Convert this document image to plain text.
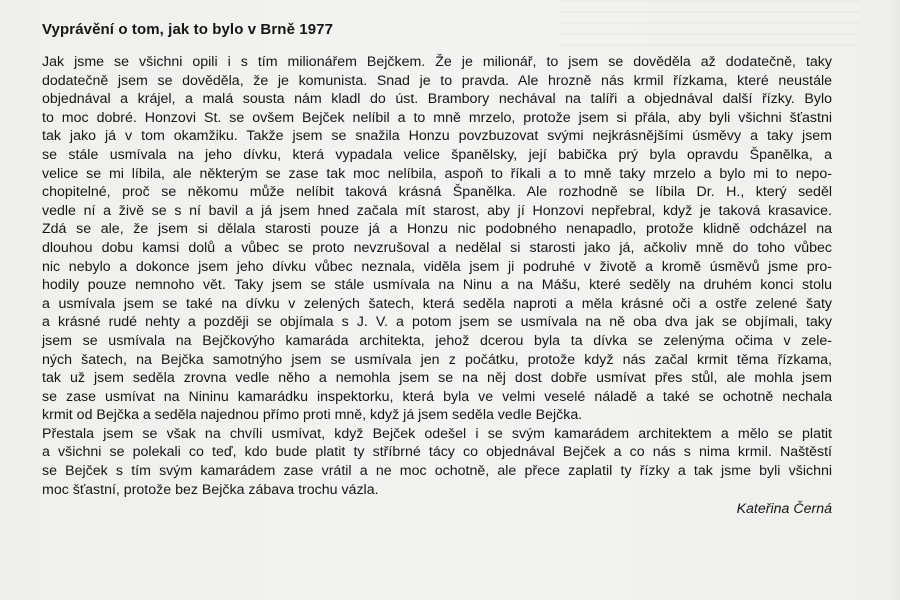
Vyprávění o tom, jak to bylo v Brně 1977
Jak jsme se všichni opili i s tím milionářem Bejčkem. Že je milionář, to jsem se dověděla až dodatečně, taky
dodatečně jsem se dověděla, že je komunista. Snad je to pravda. Ale hrozně nás krmil řízkama, které neustále
objednával a krájel, a malá sousta nám kladl do úst. Brambory nechával na talíři a objednával další řízky. Bylo
to moc dobré. Honzovi St. se ovšem Bejček nelíbil a to mně mrzelo, protože jsem si přála, aby byli všichni šťastni
tak jako já v tom okamžiku. Takže jsem se snažila Honzu povzbuzovat svými nejkrásnějšími úsměvy a taky jsem
se stále usmívala na jeho dívku, která vypadala velice španělsky, její babička prý byla opravdu Španělka, a
velice se mi líbila, ale některým se zase tak moc nelíbila, aspoň to říkali a to mně taky mrzelo a bylo mi to nepo-
chopitelné, proč se někomu může nelíbit taková krásná Španělka. Ale rozhodně se líbila Dr. H., který seděl
vedle ní a živě se s ní bavil a já jsem hned začala mít starost, aby jí Honzovi nepřebral, když je taková krasavice.
Zdá se ale, že jsem si dělala starosti pouze já a Honzu nic podobného nenapadlo, protože klidně odcházel na
dlouhou dobu kamsi dolů a vůbec se proto nevzrušoval a nedělal si starosti jako já, ačkoliv mně do toho vůbec
nic nebylo a dokonce jsem jeho dívku vůbec neznala, viděla jsem ji podruhé v životě a kromě úsměvů jsme pro-
hodily pouze nemnoho vět. Taky jsem se stále usmívala na Ninu a na Mášu, které seděly na druhém konci stolu
a usmívala jsem se také na dívku v zelených šatech, která seděla naproti a měla krásné oči a ostře zelené šaty
a krásné rudé nehty a později se objímala s J. V. a potom jsem se usmívala na ně oba dva jak se objímali, taky
jsem se usmívala na Bejčkovýho kamaráda architekta, jehož dcerou byla ta dívka se zelenýma očima v zele-
ných šatech, na Bejčka samotnýho jsem se usmívala jen z počátku, protože když nás začal krmit těma řízkama,
tak už jsem seděla zrovna vedle něho a nemohla jsem se na něj dost dobře usmívat přes stůl, ale mohla jsem
se zase usmívat na Nininu kamarádku inspektorku, která byla ve velmi veselé náladě a také se ochotně nechala
krmit od Bejčka a seděla najednou přímo proti mně, když já jsem seděla vedle Bejčka.
Přestala jsem se však na chvíli usmívat, když Bejček odešel i se svým kamarádem architektem a mělo se platit
a všichni se polekali co teď, kdo bude platit ty stříbrné tácy co objednával Bejček a co nás s nima krmil. Naštěstí
se Bejček s tím svým kamarádem zase vrátil a ne moc ochotně, ale přece zaplatil ty řízky a tak jsme byli všichni
moc šťastní, protože bez Bejčka zábava trochu vázla.
Kateřina Černá
